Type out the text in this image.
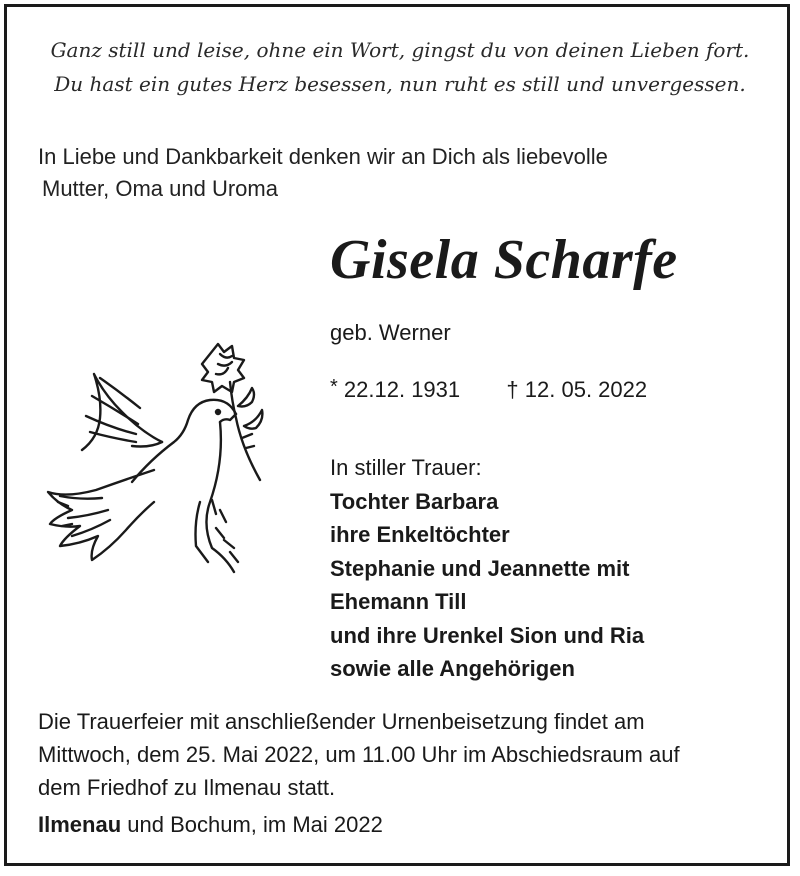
Ganz still und leise, ohne ein Wort, gingst du von deinen Lieben fort.
Du hast ein gutes Herz besessen, nun ruht es still und unvergessen.
In Liebe und Dankbarkeit denken wir an Dich als liebevolle
Mutter, Oma und Uroma
Gisela Scharfe
geb. Werner
* 22.12. 1931 † 12. 05. 2022
In stiller Trauer:
Tochter Barbara
ihre Enkeltöchter
Stephanie und Jeannette mit
Ehemann Till
und ihre Urenkel Sion und Ria
sowie alle Angehörigen
Die Trauerfeier mit anschließender Urnenbeisetzung findet am
Mittwoch, dem 25. Mai 2022, um 11.00 Uhr im Abschiedsraum auf
dem Friedhof zu Ilmenau statt.
Ilmenau und Bochum, im Mai 2022
